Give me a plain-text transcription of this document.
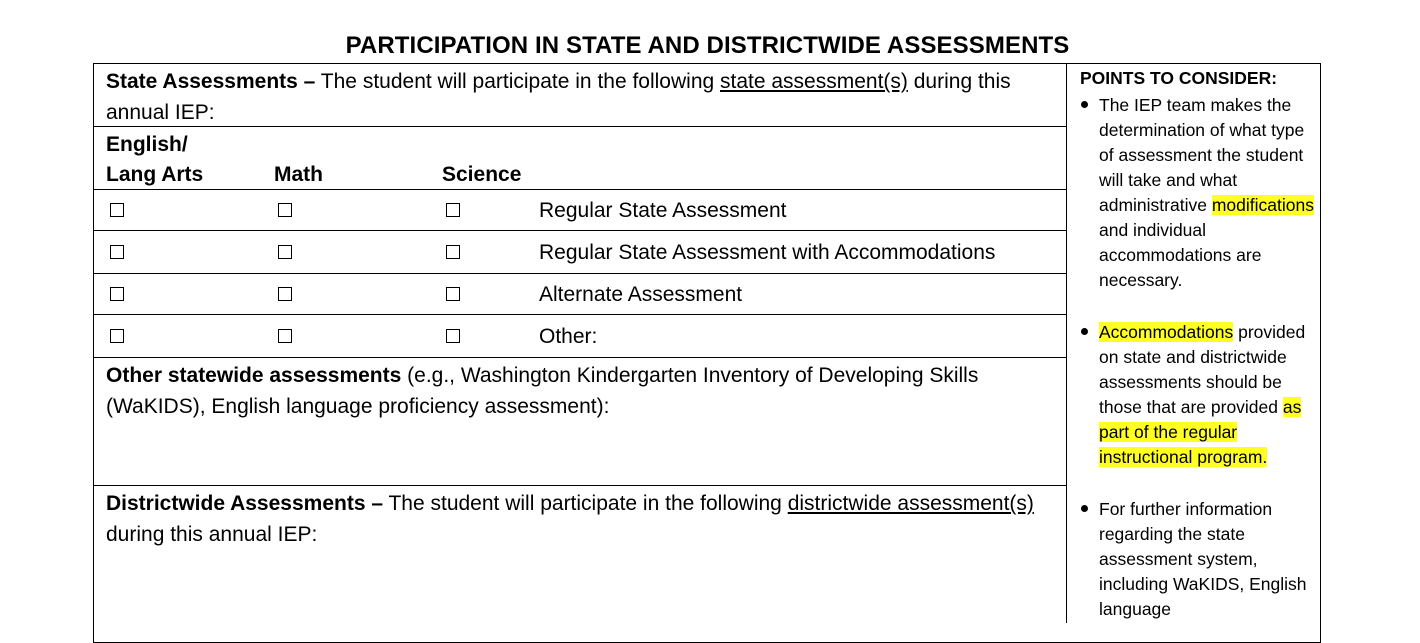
PARTICIPATION IN STATE AND DISTRICTWIDE ASSESSMENTS
State Assessments – The student will participate in the following state assessment(s) during this annual IEP:
English/
Lang Arts	Math	Science
Regular State Assessment
Regular State Assessment with Accommodations
Alternate Assessment
Other:
Other statewide assessments (e.g., Washington Kindergarten Inventory of Developing Skills (WaKIDS), English language proficiency assessment):
Districtwide Assessments – The student will participate in the following districtwide assessment(s) during this annual IEP:
POINTS TO CONSIDER:
The IEP team makes the determination of what type of assessment the student will take and what administrative modifications and individual accommodations are necessary.
Accommodations provided on state and districtwide assessments should be those that are provided as part of the regular instructional program.
For further information regarding the state assessment system, including WaKIDS, English language
